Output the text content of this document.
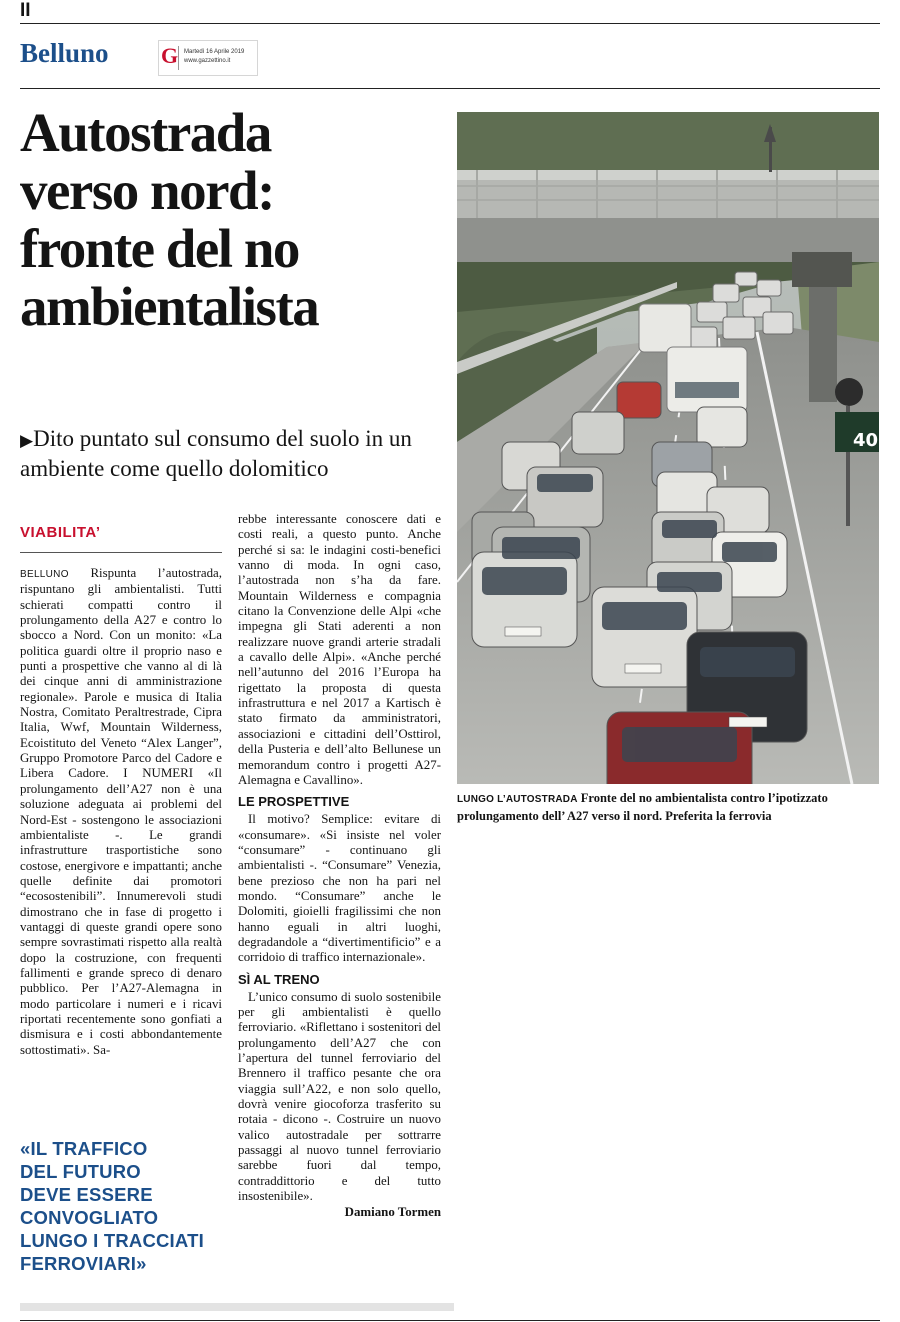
II
Belluno G Martedì 16 Aprile 2019
www.gazzettino.it
Autostrada
verso nord:
fronte del no
ambientalista
▶Dito puntato sul consumo del suolo in un ambiente come quello dolomitico
40
LUNGO L’AUTOSTRADA Fronte del no ambientalista contro l’ipotizzato prolungamento dell’ A27 verso il nord. Preferita la ferrovia
VIABILITA’

BELLUNO Rispunta l’autostrada, rispuntano gli ambientalisti. Tutti schierati compatti contro il prolungamento della A27 e contro lo sbocco a Nord. Con un monito: «La politica guardi oltre il proprio naso e punti a prospettive che vanno al di là dei cinque anni di amministrazione regionale». Parole e musica di Italia Nostra, Comitato Peraltrestrade, Cipra Italia, Wwf, Mountain Wilderness, Ecoistituto del Veneto “Alex Langer”, Gruppo Promotore Parco del Cadore e Libera Cadore. I NUMERI «Il prolungamento dell’A27 non è una soluzione adeguata ai problemi del Nord-Est - sostengono le associazioni ambientaliste -. Le grandi infrastrutture trasportistiche sono costose, energivore e impattanti; anche quelle definite dai promotori “ecosostenibili”. Innumerevoli studi dimostrano che in fase di progetto i vantaggi di queste grandi opere sono sempre sovrastimati rispetto alla realtà dopo la costruzione, con frequenti fallimenti e grande spreco di denaro pubblico. Per l’A27-Alemagna in modo particolare i numeri e i ricavi riportati recentemente sono gonfiati a dismisura e i costi abbondantemente sottostimati». Sa-

rebbe interessante conoscere dati e costi reali, a questo punto. Anche perché si sa: le indagini costi-benefici vanno di moda. In ogni caso, l’autostrada non s’ha da fare. Mountain Wilderness e compagnia citano la Convenzione delle Alpi «che impegna gli Stati aderenti a non realizzare nuove grandi arterie stradali a cavallo delle Alpi». «Anche perché nell’autunno del 2016 l’Europa ha rigettato la proposta di questa infrastruttura e nel 2017 a Kartisch è stato firmato da amministratori, associazioni e cittadini dell’Osttirol, della Pusteria e dell’alto Bellunese un memorandum contro i progetti A27-Alemagna e Cavallino».

LE PROSPETTIVE

Il motivo? Semplice: evitare di «consumare». «Si insiste nel voler “consumare” - continuano gli ambientalisti -. “Consumare” Venezia, bene prezioso che non ha pari nel mondo. “Consumare” anche le Dolomiti, gioielli fragilissimi che non hanno eguali in altri luoghi, degradandole a “divertimentificio” e a corridoio di traffico internazionale».

SÌ AL TRENO

L’unico consumo di suolo sostenibile per gli ambientalisti è quello ferroviario. «Riflettano i sostenitori del prolungamento dell’A27 che con l’apertura del tunnel ferroviario del Brennero il traffico pesante che ora viaggia sull’A22, e non solo quello, dovrà venire giocoforza trasferito su rotaia - dicono -. Costruire un nuovo valico autostradale per sottrarre passaggi al nuovo tunnel ferroviario sarebbe fuori dal tempo, contraddittorio e del tutto insostenibile».

Damiano Tormen
«IL TRAFFICO
DEL FUTURO
DEVE ESSERE
CONVOGLIATO
LUNGO I TRACCIATI
FERROVIARI»
